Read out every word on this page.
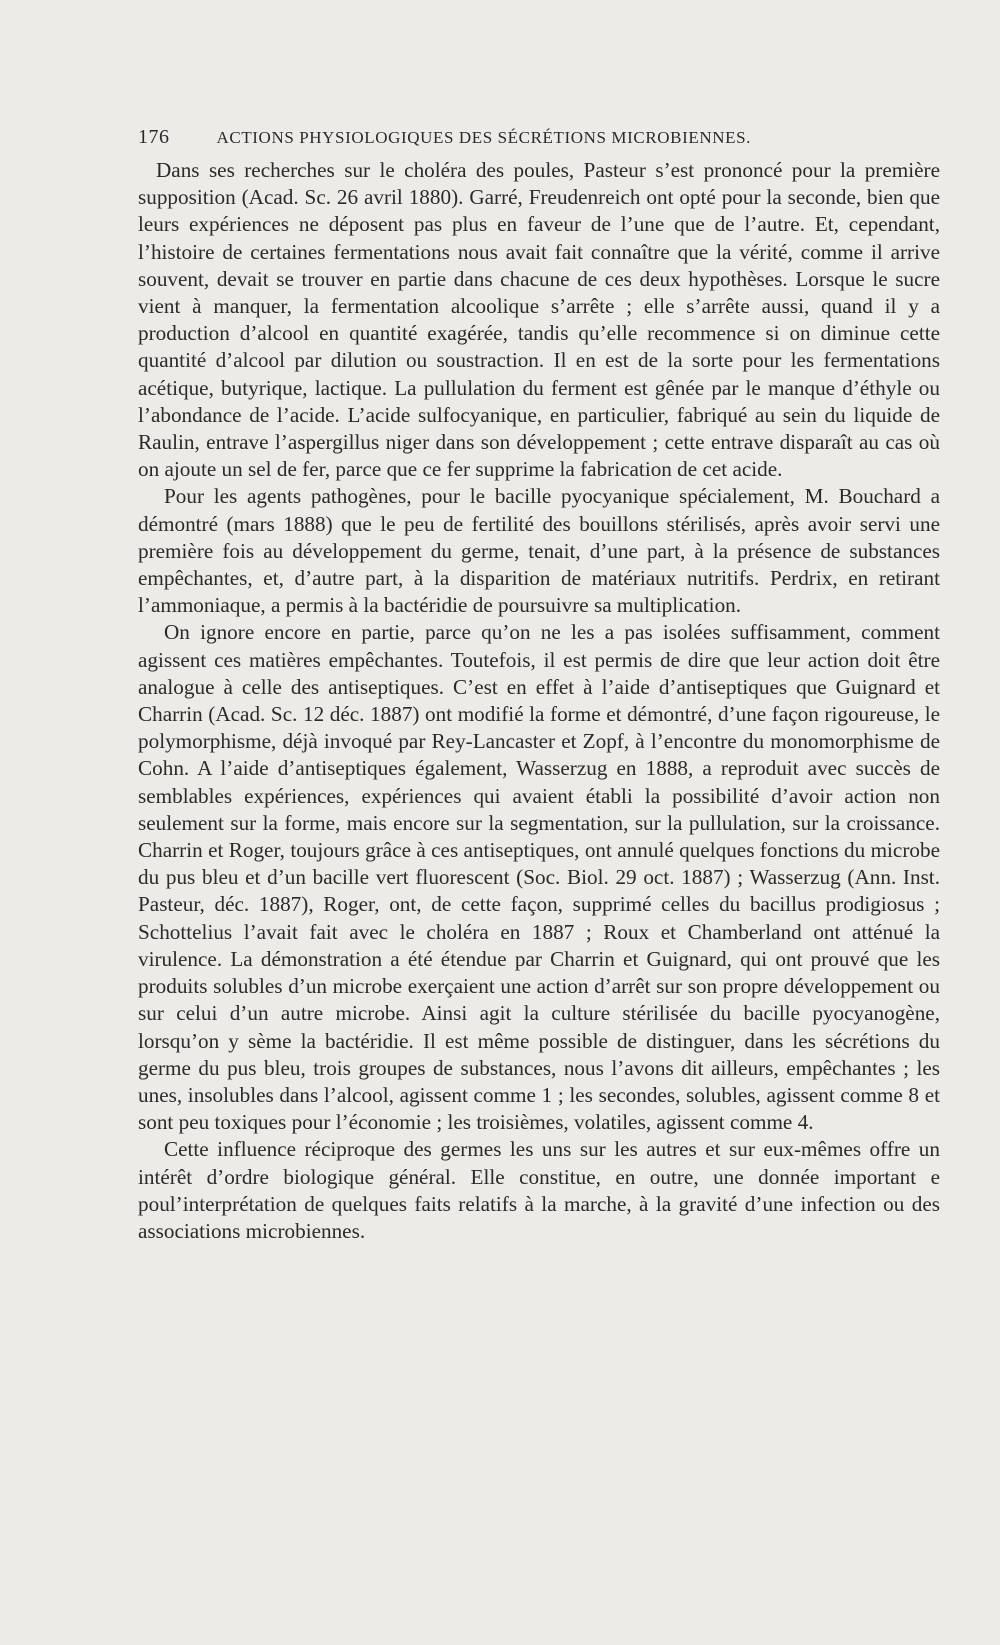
176	ACTIONS PHYSIOLOGIQUES DES SÉCRÉTIONS MICROBIENNES.

Dans ses recherches sur le choléra des poules, Pasteur s’est prononcé pour la première supposition (Acad. Sc. 26 avril 1880). Garré, Freudenreich ont opté pour la seconde, bien que leurs expériences ne déposent pas plus en faveur de l’une que de l’autre. Et, cependant, l’histoire de certaines fermentations nous avait fait connaître que la vérité, comme il arrive souvent, devait se trouver en partie dans chacune de ces deux hypothèses. Lorsque le sucre vient à manquer, la fermentation alcoolique s’arrête ; elle s’arrête aussi, quand il y a production d’alcool en quantité exagérée, tandis qu’elle recommence si on diminue cette quantité d’alcool par dilution ou soustraction. Il en est de la sorte pour les fermentations acétique, butyrique, lactique. La pullulation du ferment est gênée par le manque d’éthyle ou l’abondance de l’acide. L’acide sulfocyanique, en particulier, fabriqué au sein du liquide de Raulin, entrave l’aspergillus niger dans son développement ; cette entrave disparaît au cas où on ajoute un sel de fer, parce que ce fer supprime la fabrication de cet acide.

Pour les agents pathogènes, pour le bacille pyocyanique spécialement, M. Bouchard a démontré (mars 1888) que le peu de fertilité des bouillons stérilisés, après avoir servi une première fois au développement du germe, tenait, d’une part, à la présence de substances empêchantes, et, d’autre part, à la disparition de matériaux nutritifs. Perdrix, en retirant l’ammoniaque, a permis à la bactéridie de poursuivre sa multiplication.

On ignore encore en partie, parce qu’on ne les a pas isolées suffisamment, comment agissent ces matières empêchantes. Toutefois, il est permis de dire que leur action doit être analogue à celle des antiseptiques. C’est en effet à l’aide d’antiseptiques que Guignard et Charrin (Acad. Sc. 12 déc. 1887) ont modifié la forme et démontré, d’une façon rigoureuse, le polymorphisme, déjà invoqué par Rey-Lancaster et Zopf, à l’encontre du monomorphisme de Cohn. A l’aide d’antiseptiques également, Wasserzug en 1888, a reproduit avec succès de semblables expériences, expériences qui avaient établi la possibilité d’avoir action non seulement sur la forme, mais encore sur la segmentation, sur la pullulation, sur la croissance. Charrin et Roger, toujours grâce à ces antiseptiques, ont annulé quelques fonctions du microbe du pus bleu et d’un bacille vert fluorescent (Soc. Biol. 29 oct. 1887) ; Wasserzug (Ann. Inst. Pasteur, déc. 1887), Roger, ont, de cette façon, supprimé celles du bacillus prodigiosus ; Schottelius l’avait fait avec le choléra en 1887 ; Roux et Chamberland ont atténué la virulence. La démonstration a été étendue par Charrin et Guignard, qui ont prouvé que les produits solubles d’un microbe exerçaient une action d’arrêt sur son propre développement ou sur celui d’un autre microbe. Ainsi agit la culture stérilisée du bacille pyocyanogène, lorsqu’on y sème la bactéridie. Il est même possible de distinguer, dans les sécrétions du germe du pus bleu, trois groupes de substances, nous l’avons dit ailleurs, empêchantes ; les unes, insolubles dans l’alcool, agissent comme 1 ; les secondes, solubles, agissent comme 8 et sont peu toxiques pour l’économie ; les troisièmes, volatiles, agissent comme 4.

Cette influence réciproque des germes les uns sur les autres et sur eux-mêmes offre un intérêt d’ordre biologique général. Elle constitue, en outre, une donnée important e poul’interprétation de quelques faits relatifs à la marche, à la gravité d’une infection ou des associations microbiennes.
